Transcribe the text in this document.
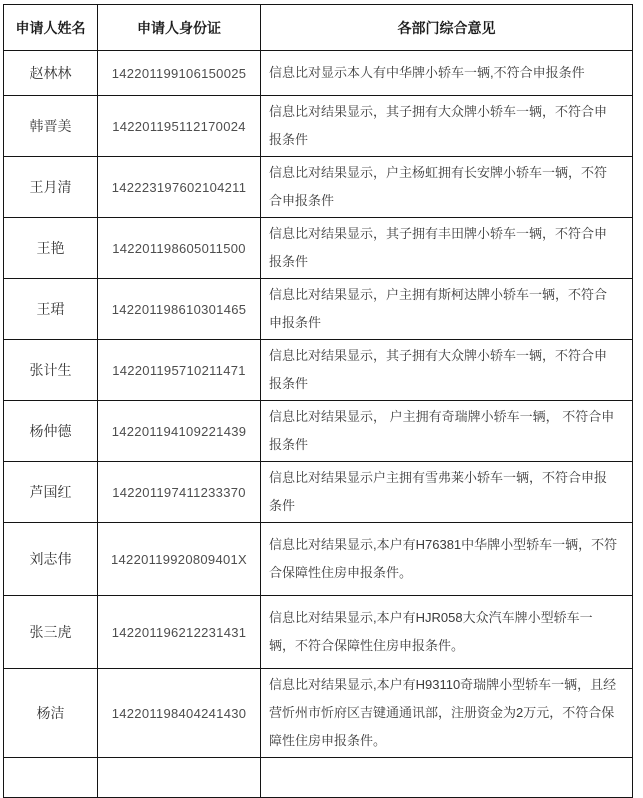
申请人姓名	申请人身份证	各部门综合意见
赵林林	142201199106150025	信息比对显示本人有中华牌小轿车一辆,不符合申报条件
韩晋美	142201195112170024	信息比对结果显示，其子拥有大众牌小轿车一辆，不符合申报条件
王月清	142223197602104211	信息比对结果显示，户主杨虹拥有长安牌小轿车一辆，不符合申报条件
王艳	142201198605011500	信息比对结果显示，其子拥有丰田牌小轿车一辆，不符合申报条件
王珺	142201198610301465	信息比对结果显示，户主拥有斯柯达牌小轿车一辆，不符合申报条件
张计生	142201195710211471	信息比对结果显示，其子拥有大众牌小轿车一辆，不符合申报条件
杨仲德	142201194109221439	信息比对结果显示， 户主拥有奇瑞牌小轿车一辆， 不符合申报条件
芦国红	142201197411233370	信息比对结果显示户主拥有雪弗莱小轿车一辆，不符合申报条件
刘志伟	14220119920809401X	信息比对结果显示,本户有H76381中华牌小型轿车一辆，不符合保障性住房申报条件。
张三虎	142201196212231431	信息比对结果显示,本户有HJR058大众汽车牌小型轿车一辆，不符合保障性住房申报条件。
杨洁	142201198404241430	信息比对结果显示,本户有H93110奇瑞牌小型轿车一辆，且经营忻州市忻府区吉键通通讯部，注册资金为2万元，不符合保障性住房申报条件。
